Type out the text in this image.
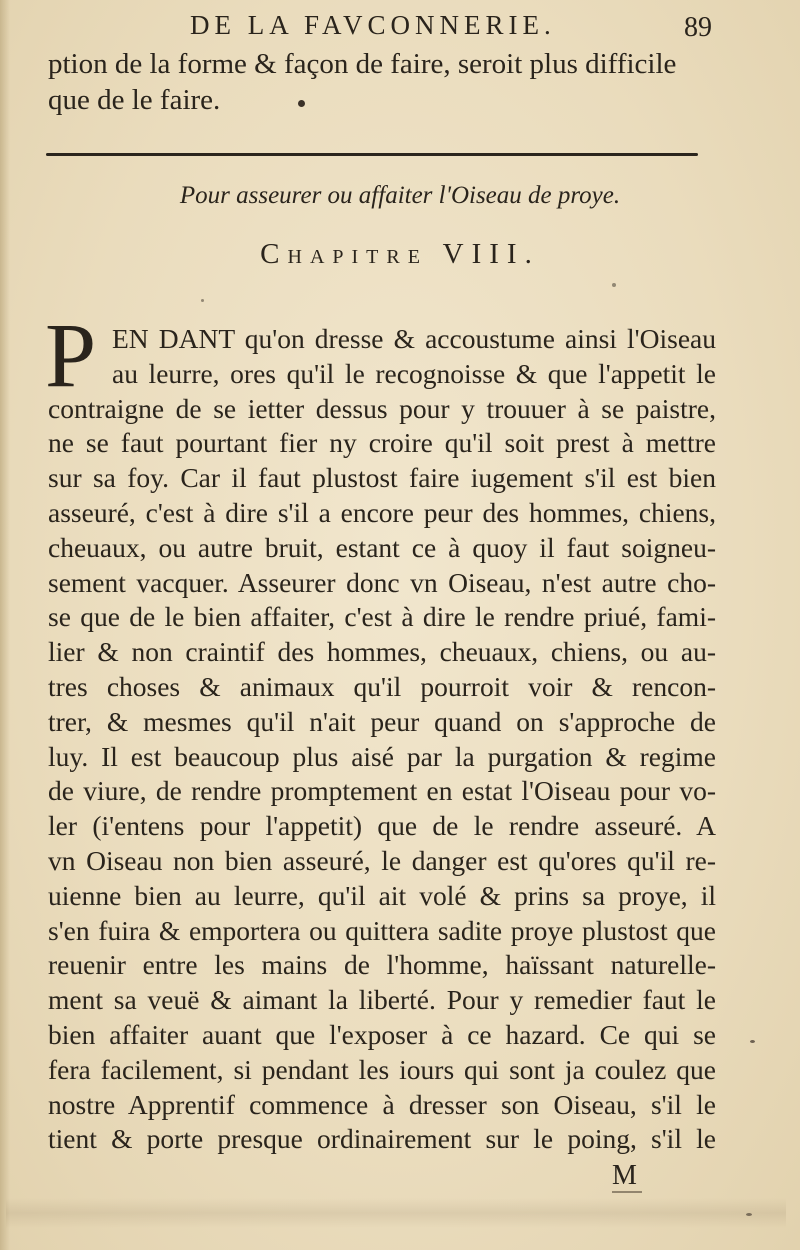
DE LA FAVCONNERIE.	89
ption de la forme & façon de faire, seroit plus difficile
que de le faire.
Pour asseurer ou affaiter l'Oiseau de proye.
Chapitre VIII.
P EN DANT qu'on dresse & accoustume ainsi l'Oiseau
au leurre, ores qu'il le recognoisse & que l'appetit le
contraigne de se ietter dessus pour y trouuer à se paistre,
ne se faut pourtant fier ny croire qu'il soit prest à mettre
sur sa foy. Car il faut plustost faire iugement s'il est bien
asseuré, c'est à dire s'il a encore peur des hommes, chiens,
cheuaux, ou autre bruit, estant ce à quoy il faut soigneu-
sement vacquer. Asseurer donc vn Oiseau, n'est autre cho-
se que de le bien affaiter, c'est à dire le rendre priué, fami-
lier & non craintif des hommes, cheuaux, chiens, ou au-
tres choses & animaux qu'il pourroit voir & rencon-
trer, & mesmes qu'il n'ait peur quand on s'approche de
luy. Il est beaucoup plus aisé par la purgation & regime
de viure, de rendre promptement en estat l'Oiseau pour vo-
ler (i'entens pour l'appetit) que de le rendre asseuré. A
vn Oiseau non bien asseuré, le danger est qu'ores qu'il re-
uienne bien au leurre, qu'il ait volé & prins sa proye, il
s'en fuira & emportera ou quittera sadite proye plustost que
reuenir entre les mains de l'homme, haïssant naturelle-
ment sa veuë & aimant la liberté. Pour y remedier faut le
bien affaiter auant que l'exposer à ce hazard. Ce qui se
fera facilement, si pendant les iours qui sont ja coulez que
nostre Apprentif commence à dresser son Oiseau, s'il le
tient & porte presque ordinairement sur le poing, s'il le
M
